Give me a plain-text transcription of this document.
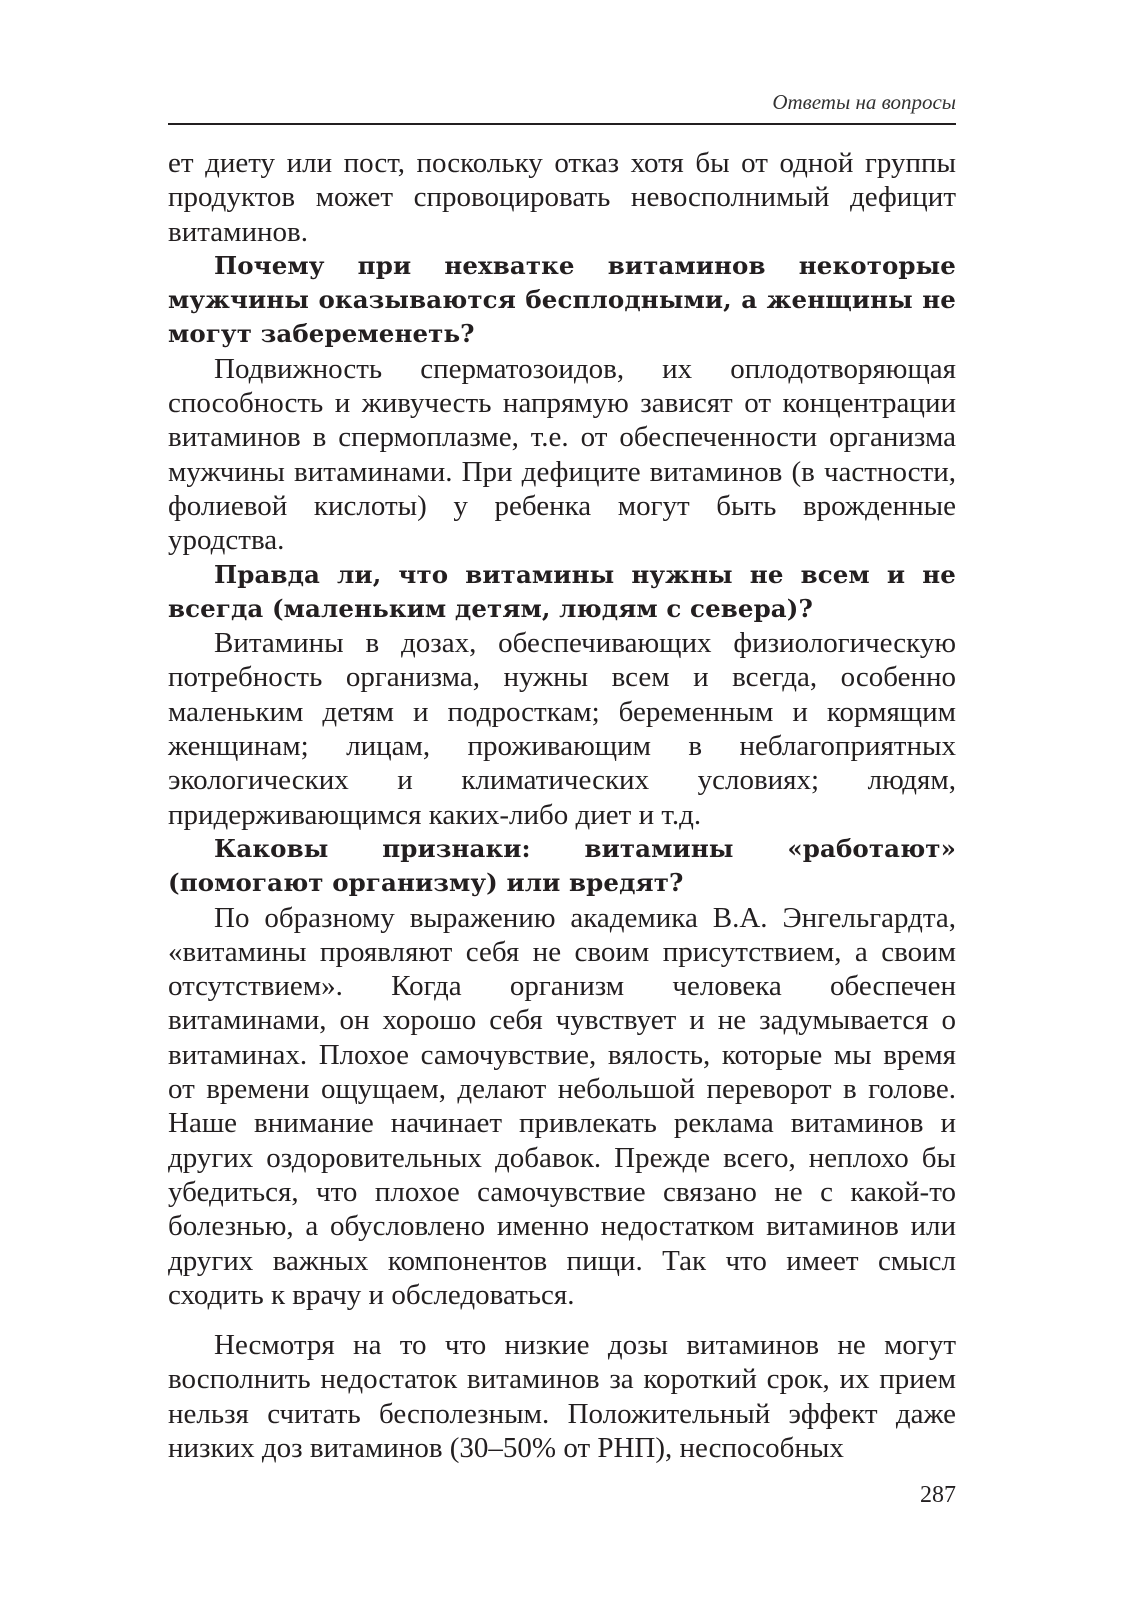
Ответы на вопросы

ет диету или пост, поскольку отказ хотя бы от одной группы продуктов может спровоцировать невосполнимый дефицит витаминов.

Почему при нехватке витаминов некоторые мужчины оказываются бесплодными, а женщины не могут забеременеть?

Подвижность сперматозоидов, их оплодотворяющая способность и живучесть напрямую зависят от концентрации витаминов в спермоплазме, т.е. от обеспеченности организма мужчины витаминами. При дефиците витаминов (в частности, фолиевой кислоты) у ребенка могут быть врожденные уродства.

Правда ли, что витамины нужны не всем и не всегда (маленьким детям, людям с севера)?

Витамины в дозах, обеспечивающих физиологическую потребность организма, нужны всем и всегда, особенно маленьким детям и подросткам; беременным и кормящим женщинам; лицам, проживающим в неблагоприятных экологических и климатических условиях; людям, придерживающимся каких-либо диет и т.д.

Каковы признаки: витамины «работают» (помогают организму) или вредят?

По образному выражению академика В.А. Энгельгардта, «витамины проявляют себя не своим присутствием, а своим отсутствием». Когда организм человека обеспечен витаминами, он хорошо себя чувствует и не задумывается о витаминах. Плохое самочувствие, вялость, которые мы время от времени ощущаем, делают небольшой переворот в голове. Наше внимание начинает привлекать реклама витаминов и других оздоровительных добавок. Прежде всего, неплохо бы убедиться, что плохое самочувствие связано не с какой-то болезнью, а обусловлено именно недостатком витаминов или других важных компонентов пищи. Так что имеет смысл сходить к врачу и обследоваться.

Несмотря на то что низкие дозы витаминов не могут восполнить недостаток витаминов за короткий срок, их прием нельзя считать бесполезным. Положительный эффект даже низких доз витаминов (30–50% от РНП), неспособных

287
